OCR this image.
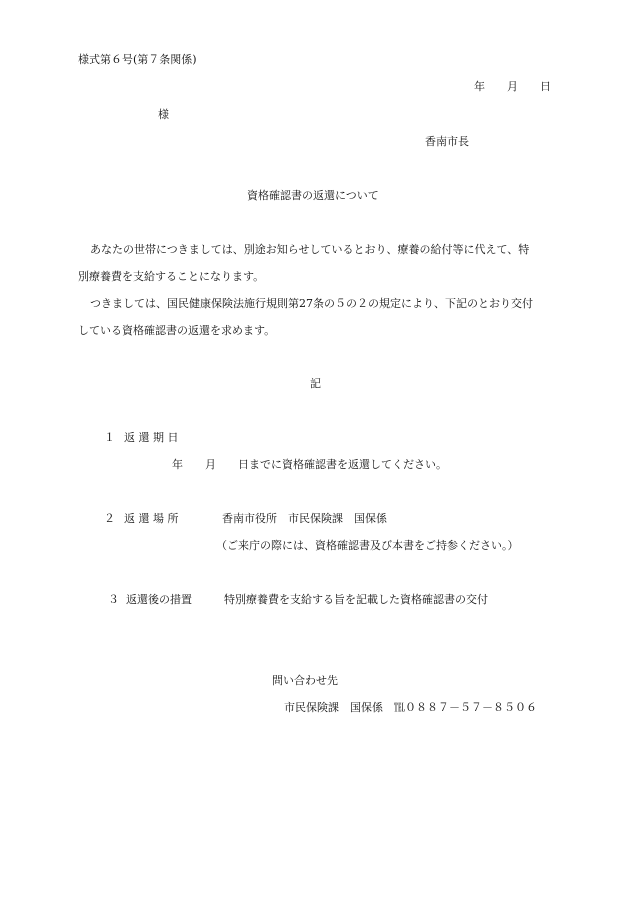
様式第６号(第７条関係)
年 月 日
様
香南市長
資格確認書の返還について
あなたの世帯につきましては、別途お知らせしているとおり、療養の給付等に代えて、特
別療養費を支給することになります。
つきましては、国民健康保険法施行規則第27条の５の２の規定により、下記のとおり交付
している資格確認書の返還を求めます。
記
１ 返 還 期 日
年 月 日までに資格確認書を返還してください。
２ 返 還 場 所	香南市役所　市民保険課　国保係
（ご来庁の際には、資格確認書及び本書をご持参ください。）
３ 返還後の措置	特別療養費を支給する旨を記載した資格確認書の交付
問い合わせ先
市民保険課　国保係　℡０８８７－５７－８５０６
